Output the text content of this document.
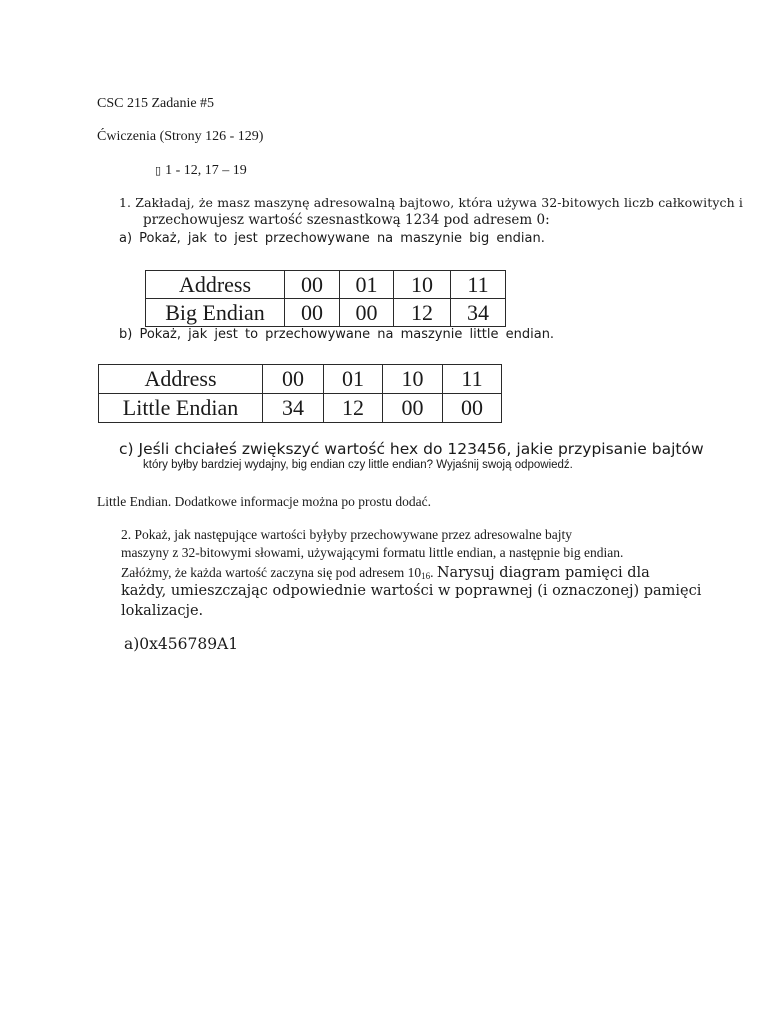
CSC 215 Zadanie #5
Ćwiczenia (Strony 126 - 129)
▯ 1 - 12, 17 – 19
1. Zakładaj, że masz maszynę adresowalną bajtowo, która używa 32-bitowych liczb całkowitych i
przechowujesz wartość szesnastkową 1234 pod adresem 0:
a) Pokaż, jak to jest przechowywane na maszynie big endian.
Address	00	01	10	11
Big Endian	00	00	12	34
b) Pokaż, jak jest to przechowywane na maszynie little endian.
Address	00	01	10	11
Little Endian	34	12	00	00
c) Jeśli chciałeś zwiększyć wartość hex do 123456, jakie przypisanie bajtów
który byłby bardziej wydajny, big endian czy little endian? Wyjaśnij swoją odpowiedź.
Little Endian. Dodatkowe informacje można po prostu dodać.
2. Pokaż, jak następujące wartości byłyby przechowywane przez adresowalne bajty
maszyny z 32-bitowymi słowami, używającymi formatu little endian, a następnie big endian.
Załóżmy, że każda wartość zaczyna się pod adresem $10_{16}$. Narysuj diagram pamięci dla
każdy, umieszczając odpowiednie wartości w poprawnej (i oznaczonej) pamięci
lokalizacje.
a)0x456789A1
